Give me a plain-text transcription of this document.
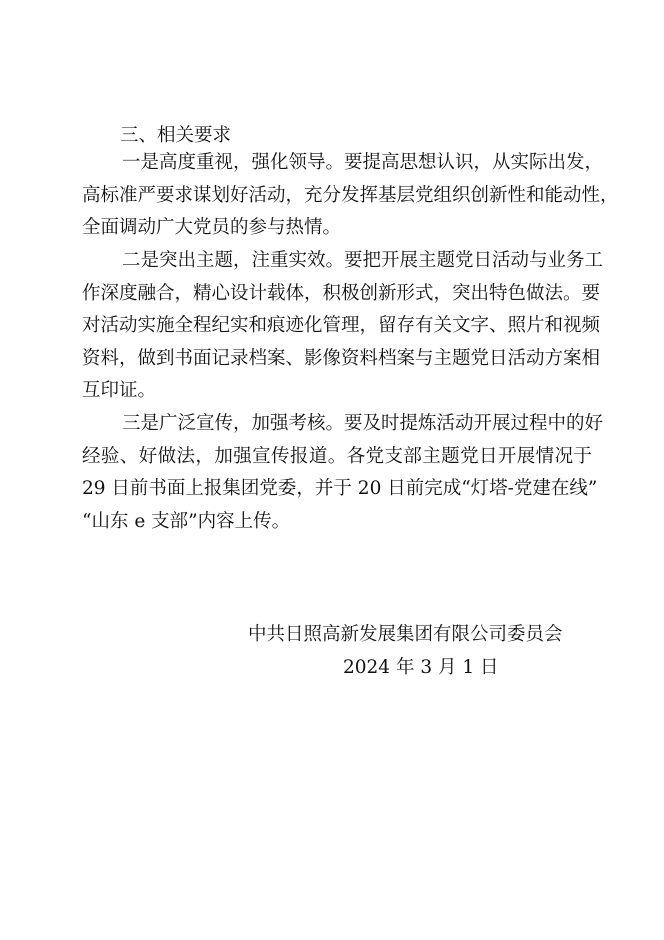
三、相关要求

一是高度重视，强化领导。要提高思想认识，从实际出发，
高标准严要求谋划好活动，充分发挥基层党组织创新性和能动性，
全面调动广大党员的参与热情。

二是突出主题，注重实效。要把开展主题党日活动与业务工
作深度融合，精心设计载体，积极创新形式，突出特色做法。要
对活动实施全程纪实和痕迹化管理，留存有关文字、照片和视频
资料，做到书面记录档案、影像资料档案与主题党日活动方案相
互印证。

三是广泛宣传，加强考核。要及时提炼活动开展过程中的好
经验、好做法，加强宣传报道。各党支部主题党日开展情况于
29 日前书面上报集团党委，并于 20 日前完成“灯塔-党建在线”
“山东 e 支部”内容上传。

中共日照高新发展集团有限公司委员会

2024 年 3 月 1 日
